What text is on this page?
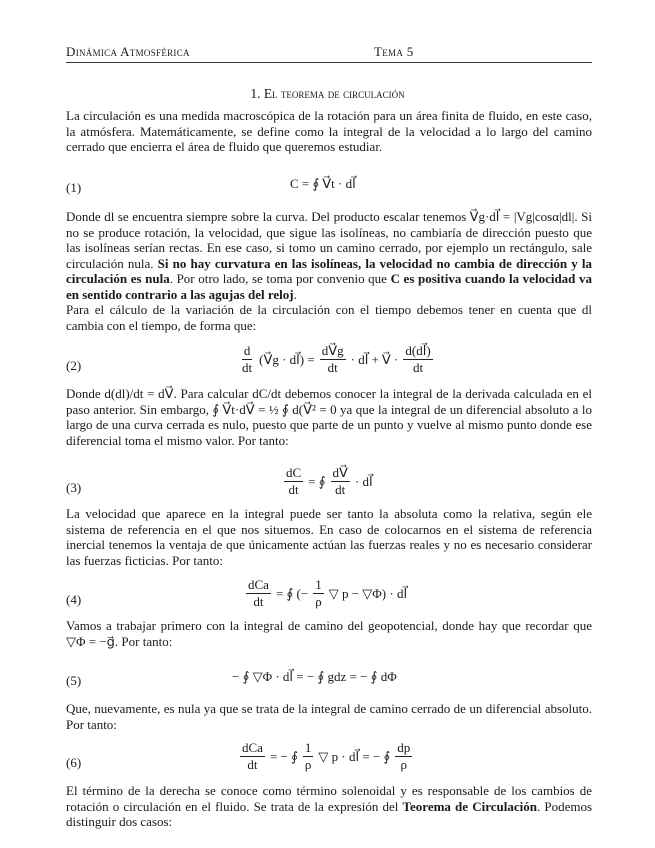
Dinámica Atmosférica	Tema 5
1. El teorema de circulación

La circulación es una medida macroscópica de la rotación para un área finita de fluido, en este caso, la atmósfera. Matemáticamente, se define como la integral de la velocidad a lo largo del camino cerrado que encierra el área de fluido que queremos estudiar.

(1)	C = ∮ V⃗t · dl⃗

Donde dl se encuentra siempre sobre la curva. Del producto escalar tenemos V⃗g·dl⃗ = |Vg|cosα|dl|. Si no se produce rotación, la velocidad, que sigue las isolíneas, no cambiaría de dirección puesto que las isolíneas serían rectas. En ese caso, si tomo un camino cerrado, por ejemplo un rectángulo, sale circulación nula. Si no hay curvatura en las isolíneas, la velocidad no cambia de dirección y la circulación es nula. Por otro lado, se toma por convenio que C es positiva cuando la velocidad va en sentido contrario a las agujas del reloj.

Para el cálculo de la variación de la circulación con el tiempo debemos tener en cuenta que dl cambia con el tiempo, de forma que:

(2)	$\frac{d}{dt}$ (V⃗g · dl⃗) = $\frac{dV⃗g}{dt}$ · dl⃗ + V⃗ · $\frac{d(dl⃗)}{dt}$

Donde d(dl)/dt = dV⃗. Para calcular dC/dt debemos conocer la integral de la derivada calculada en el paso anterior. Sin embargo, ∮ V⃗t·dV⃗ = ½ ∮ d(V⃗² = 0 ya que la integral de un diferencial absoluto a lo largo de una curva cerrada es nulo, puesto que parte de un punto y vuelve al mismo punto donde ese diferencial toma el mismo valor. Por tanto:

(3)	$\frac{dC}{dt}$ = ∮ $\frac{dV⃗}{dt}$ · dl⃗

La velocidad que aparece en la integral puede ser tanto la absoluta como la relativa, según ele sistema de referencia en el que nos situemos. En caso de colocarnos en el sistema de referencia inercial tenemos la ventaja de que únicamente actúan las fuerzas reales y no es necesario considerar las fuerzas ficticias. Por tanto:

(4)
dCa
dt
= ∮ (− $\frac{1}{\rho}$ ▽ p − ▽Φ) · dl⃗

Vamos a trabajar primero con la integral de camino del geopotencial, donde hay que recordar que ▽Φ = −g⃗. Por tanto:

(5)	− ∮ ▽Φ · dl⃗ = − ∮ gdz = − ∮ dΦ

Que, nuevamente, es nula ya que se trata de la integral de camino cerrado de un diferencial absoluto. Por tanto:

(6)
dCa
dt
= − ∮ $\frac{1}{\rho}$ ▽ p · dl⃗ = − ∮ $\frac{dp}{\rho}$

El término de la derecha se conoce como término solenoidal y es responsable de los cambios de rotación o circulación en el fluido. Se trata de la expresión del Teorema de Circulación. Podemos distinguir dos casos:
